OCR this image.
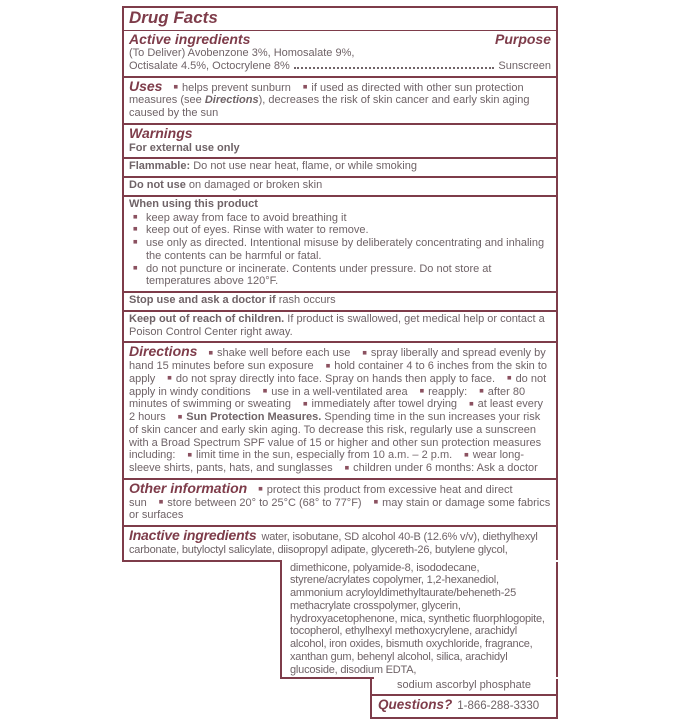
Drug Facts
Active ingredients	Purpose
(To Deliver) Avobenzone 3%, Homosalate 9%,
Octisalate 4.5%, Octocrylene 8%	Sunscreen
Uses ■ helps prevent sunburn ■ if used as directed with other sun protection measures (see Directions), decreases the risk of skin cancer and early skin aging caused by the sun
Warnings
For external use only
Flammable: Do not use near heat, flame, or while smoking
Do not use on damaged or broken skin
When using this product
■ keep away from face to avoid breathing it
■ keep out of eyes. Rinse with water to remove.
■ use only as directed. Intentional misuse by deliberately concentrating and inhaling the contents can be harmful or fatal.
■ do not puncture or incinerate. Contents under pressure. Do not store at temperatures above 120°F.
Stop use and ask a doctor if rash occurs
Keep out of reach of children. If product is swallowed, get medical help or contact a Poison Control Center right away.
Directions ■ shake well before each use ■ spray liberally and spread evenly by hand 15 minutes before sun exposure ■ hold container 4 to 6 inches from the skin to apply ■ do not spray directly into face. Spray on hands then apply to face. ■ do not apply in windy conditions ■ use in a well-ventilated area ■ reapply: ■ after 80 minutes of swimming or sweating ■ immediately after towel drying ■ at least every 2 hours ■ Sun Protection Measures. Spending time in the sun increases your risk of skin cancer and early skin aging. To decrease this risk, regularly use a sunscreen with a Broad Spectrum SPF value of 15 or higher and other sun protection measures including: ■ limit time in the sun, especially from 10 a.m. – 2 p.m. ■ wear long-sleeve shirts, pants, hats, and sunglasses ■ children under 6 months: Ask a doctor
Other information ■ protect this product from excessive heat and direct sun ■ store between 20° to 25°C (68° to 77°F) ■ may stain or damage some fabrics or surfaces
Inactive ingredients water, isobutane, SD alcohol 40-B (12.6% v/v), diethylhexyl carbonate, butyloctyl salicylate, diisopropyl adipate, glycereth-26, butylene glycol,
dimethicone, polyamide-8, isododecane, styrene/acrylates copolymer, 1,2-hexanediol, ammonium acryloyldimethyltaurate/beheneth-25 methacrylate crosspolymer, glycerin, hydroxyacetophenone, mica, synthetic fluorphlogopite, tocopherol, ethylhexyl methoxycrylene, arachidyl alcohol, iron oxides, bismuth oxychloride, fragrance, xanthan gum, behenyl alcohol, silica, arachidyl glucoside, disodium EDTA,
sodium ascorbyl phosphate
Questions? 1-866-288-3330
